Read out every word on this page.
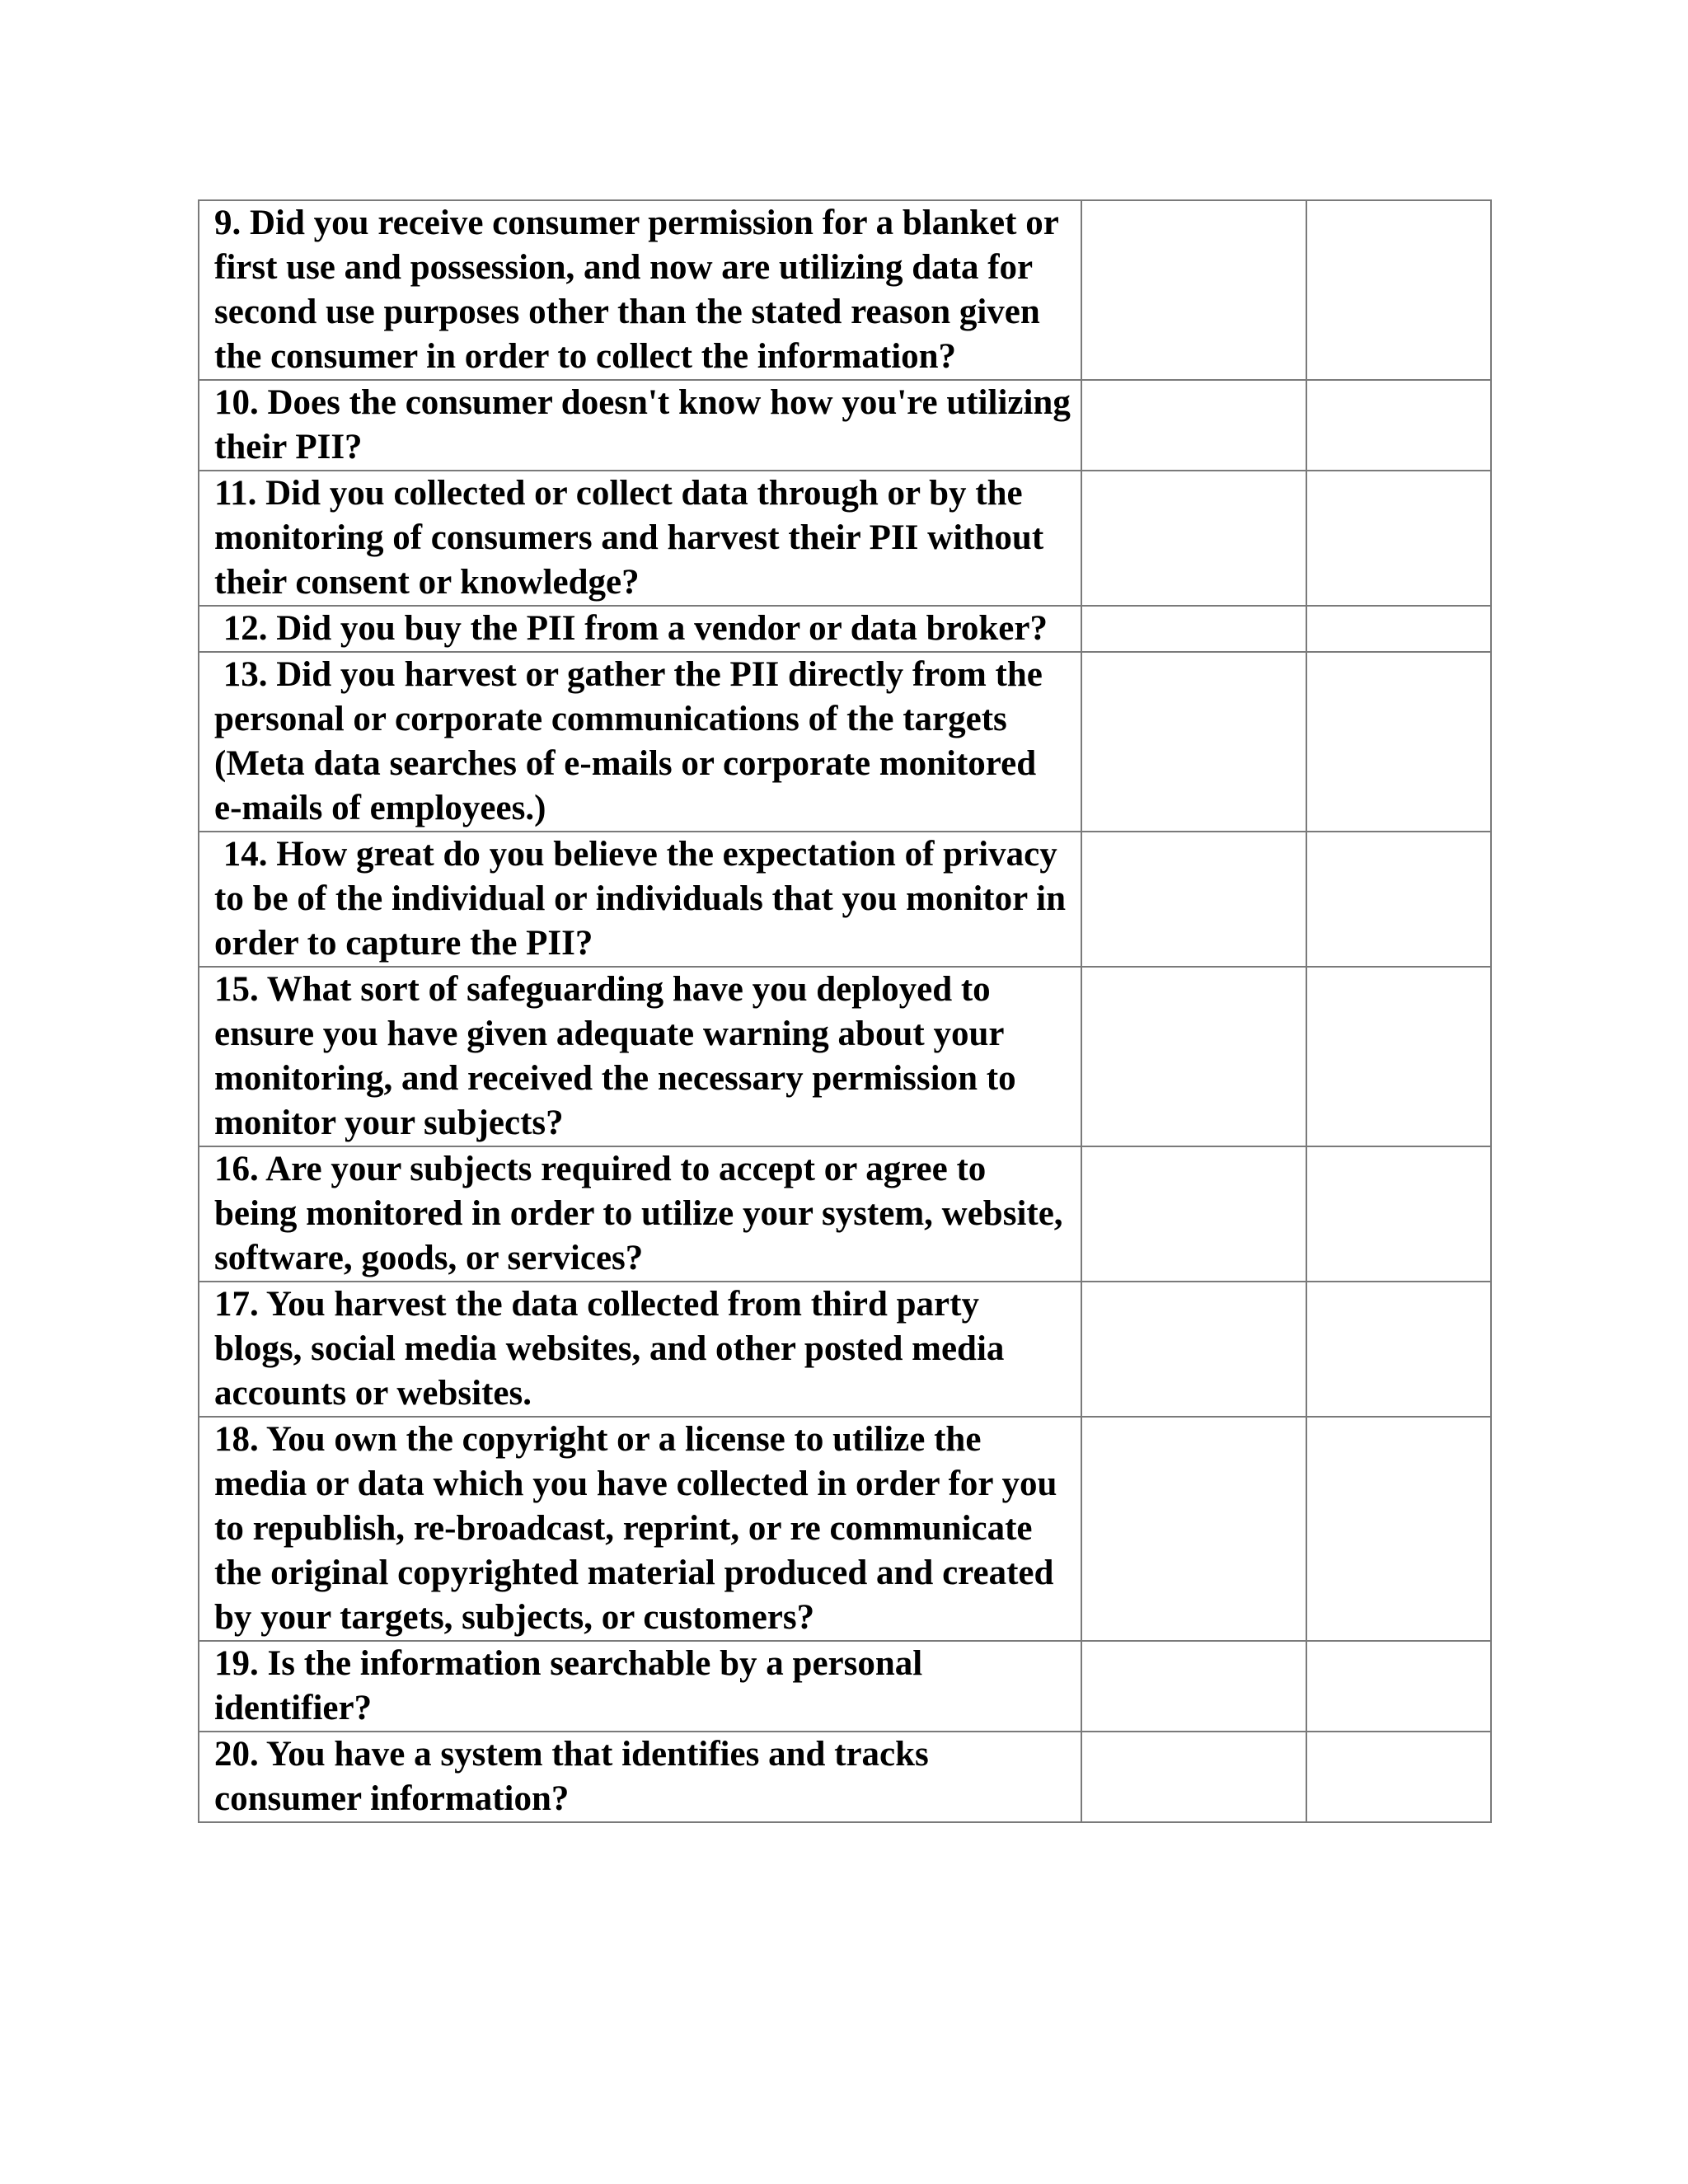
9. Did you receive consumer permission for a blanket or first use and possession, and now are utilizing data for second use purposes other than the stated reason given the consumer in order to collect the information?		

10. Does the consumer doesn't know how you're utilizing their PII?		

11. Did you collected or collect data through or by the monitoring of consumers and harvest their PII without their consent or knowledge?		

12. Did you buy the PII from a vendor or data broker?		

13. Did you harvest or gather the PII directly from the personal or corporate communications of the targets (Meta data searches of e-mails or corporate monitored e-mails of employees.)		

14. How great do you believe the expectation of privacy to be of the individual or individuals that you monitor in order to capture the PII?		

15. What sort of safeguarding have you deployed to ensure you have given adequate warning about your monitoring, and received the necessary permission to monitor your subjects?		

16. Are your subjects required to accept or agree to being monitored in order to utilize your system, website, software, goods, or services?		

17. You harvest the data collected from third party blogs, social media websites, and other posted media accounts or websites.		

18. You own the copyright or a license to utilize the media or data which you have collected in order for you to republish, re-broadcast, reprint, or re communicate the original copyrighted material produced and created by your targets, subjects, or customers?		

19. Is the information searchable by a personal identifier?		

20. You have a system that identifies and tracks consumer information?		
